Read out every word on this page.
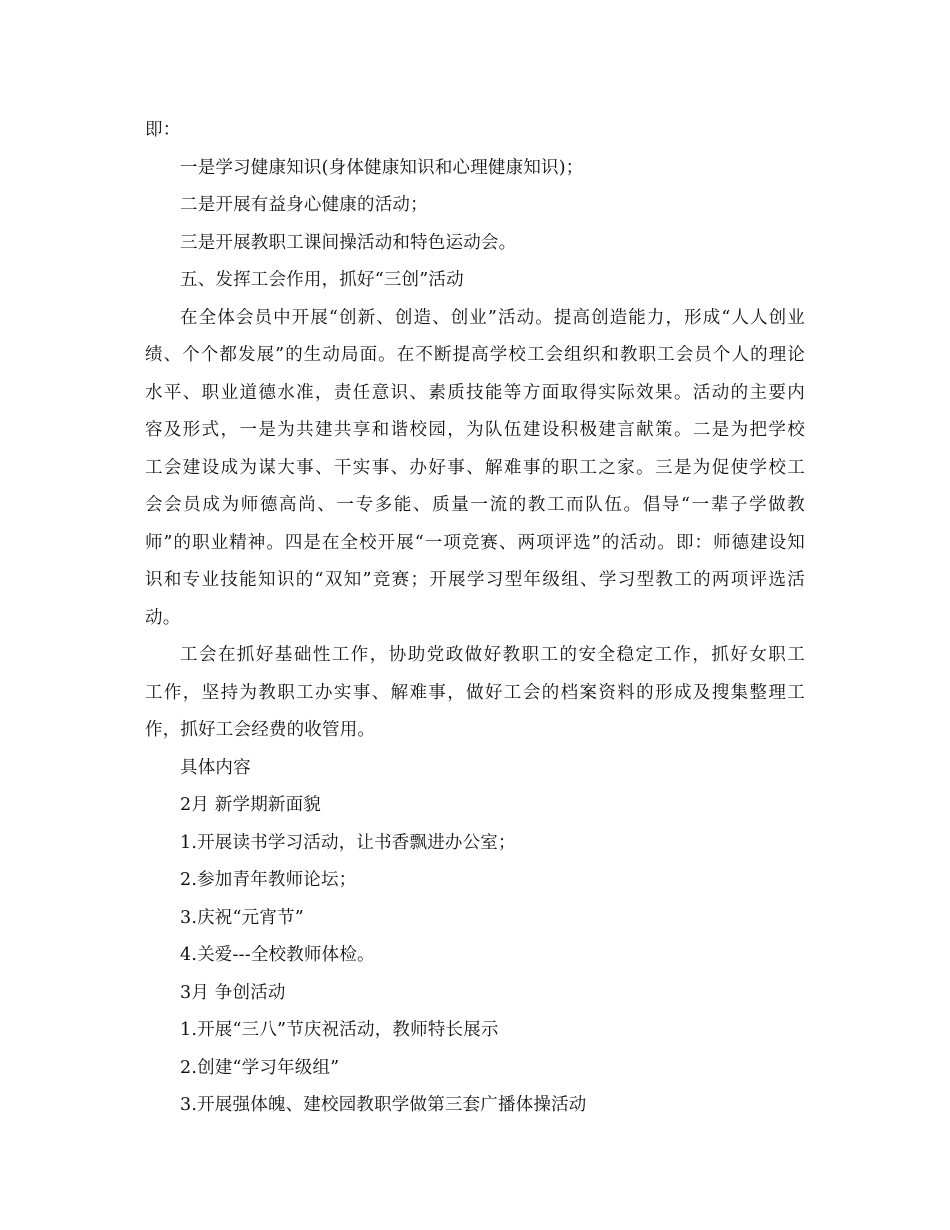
即：
一是学习健康知识(身体健康知识和心理健康知识)；
二是开展有益身心健康的活动；
三是开展教职工课间操活动和特色运动会。
五、发挥工会作用，抓好“三创”活动
在全体会员中开展“创新、创造、创业”活动。提高创造能力，形成“人人创业
绩、个个都发展”的生动局面。在不断提高学校工会组织和教职工会员个人的理论
水平、职业道德水准，责任意识、素质技能等方面取得实际效果。活动的主要内
容及形式，一是为共建共享和谐校园，为队伍建设积极建言献策。二是为把学校
工会建设成为谋大事、干实事、办好事、解难事的职工之家。三是为促使学校工
会会员成为师德高尚、一专多能、质量一流的教工而队伍。倡导“一辈子学做教
师”的职业精神。四是在全校开展“一项竞赛、两项评选”的活动。即：师德建设知
识和专业技能知识的“双知”竞赛；开展学习型年级组、学习型教工的两项评选活
动。
工会在抓好基础性工作，协助党政做好教职工的安全稳定工作，抓好女职工
工作，坚持为教职工办实事、解难事，做好工会的档案资料的形成及搜集整理工
作，抓好工会经费的收管用。
具体内容
2月 新学期新面貌
1.开展读书学习活动，让书香飘进办公室；
2.参加青年教师论坛；
3.庆祝“元宵节”
4.关爱---全校教师体检。
3月 争创活动
1.开展“三八”节庆祝活动，教师特长展示
2.创建“学习年级组”
3.开展强体魄、建校园教职学做第三套广播体操活动
